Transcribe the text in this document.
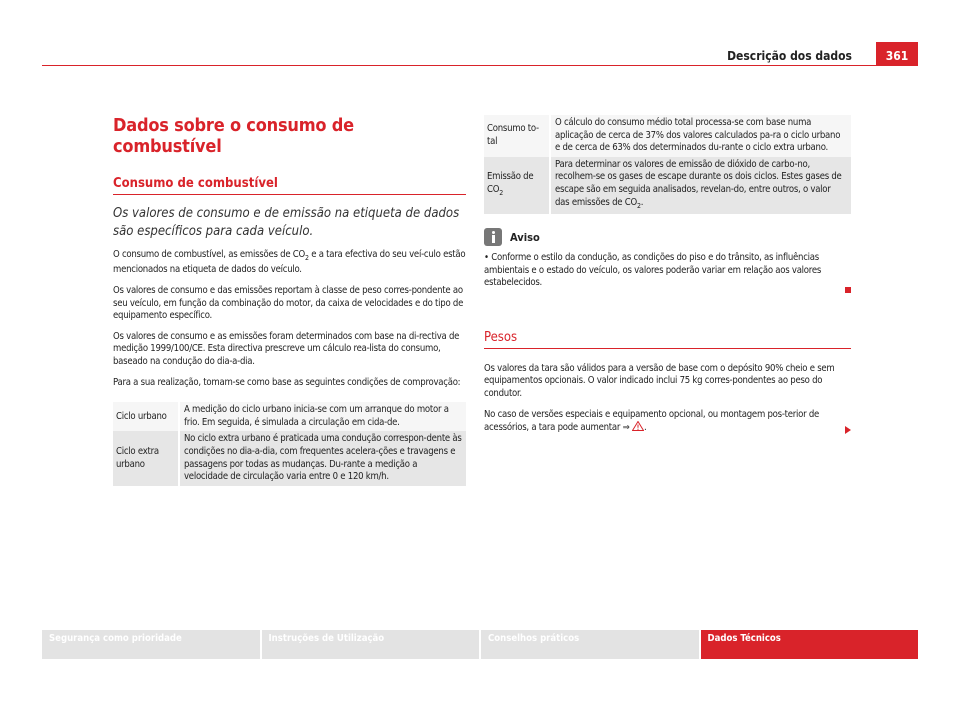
Descrição dos dados	361
Dados sobre o consumo de combustível
Consumo de combustível
Os valores de consumo e de emissão na etiqueta de dados são específicos para cada veículo.

O consumo de combustível, as emissões de $CO_2$ e a tara efectiva do seu veí-culo estão mencionados na etiqueta de dados do veículo.

Os valores de consumo e das emissões reportam à classe de peso corres-pondente ao seu veículo, em função da combinação do motor, da caixa de velocidades e do tipo de equipamento específico.

Os valores de consumo e as emissões foram determinados com base na di-rectiva de medição 1999/100/CE. Esta directiva prescreve um cálculo rea-lista do consumo, baseado na condução do dia-a-dia.

Para a sua realização, tomam-se como base as seguintes condições de comprovação:

Ciclo urbano	A medição do ciclo urbano inicia-se com um arranque do motor a frio. Em seguida, é simulada a circulação em cida-de.
Ciclo extra urbano	No ciclo extra urbano é praticada uma condução correspon-dente às condições no dia-a-dia, com frequentes acelera-ções e travagens e passagens por todas as mudanças. Du-rante a medição a velocidade de circulação varia entre 0 e 120 km/h.
Consumo to-tal	O cálculo do consumo médio total processa-se com base numa aplicação de cerca de 37% dos valores calculados pa-ra o ciclo urbano e de cerca de 63% dos determinados du-rante o ciclo extra urbano.
Emissão de $CO_2$	Para determinar os valores de emissão de dióxido de carbo-no, recolhem-se os gases de escape durante os dois ciclos. Estes gases de escape são em seguida analisados, revelan-do, entre outros, o valor das emissões de $CO_2$.
Aviso
• Conforme o estilo da condução, as condições do piso e do trânsito, as influências ambientais e o estado do veículo, os valores poderão variar em relação aos valores estabelecidos.
Pesos

Os valores da tara são válidos para a versão de base com o depósito 90% cheio e sem equipamentos opcionais. O valor indicado inclui 75 kg corres-pondentes ao peso do condutor.

No caso de versões especiais e equipamento opcional, ou montagem pos-terior de acessórios, a tara pode aumentar ⇒ .

Segurança como prioridade	Instruções de Utilização	Conselhos práticos	Dados Técnicos
